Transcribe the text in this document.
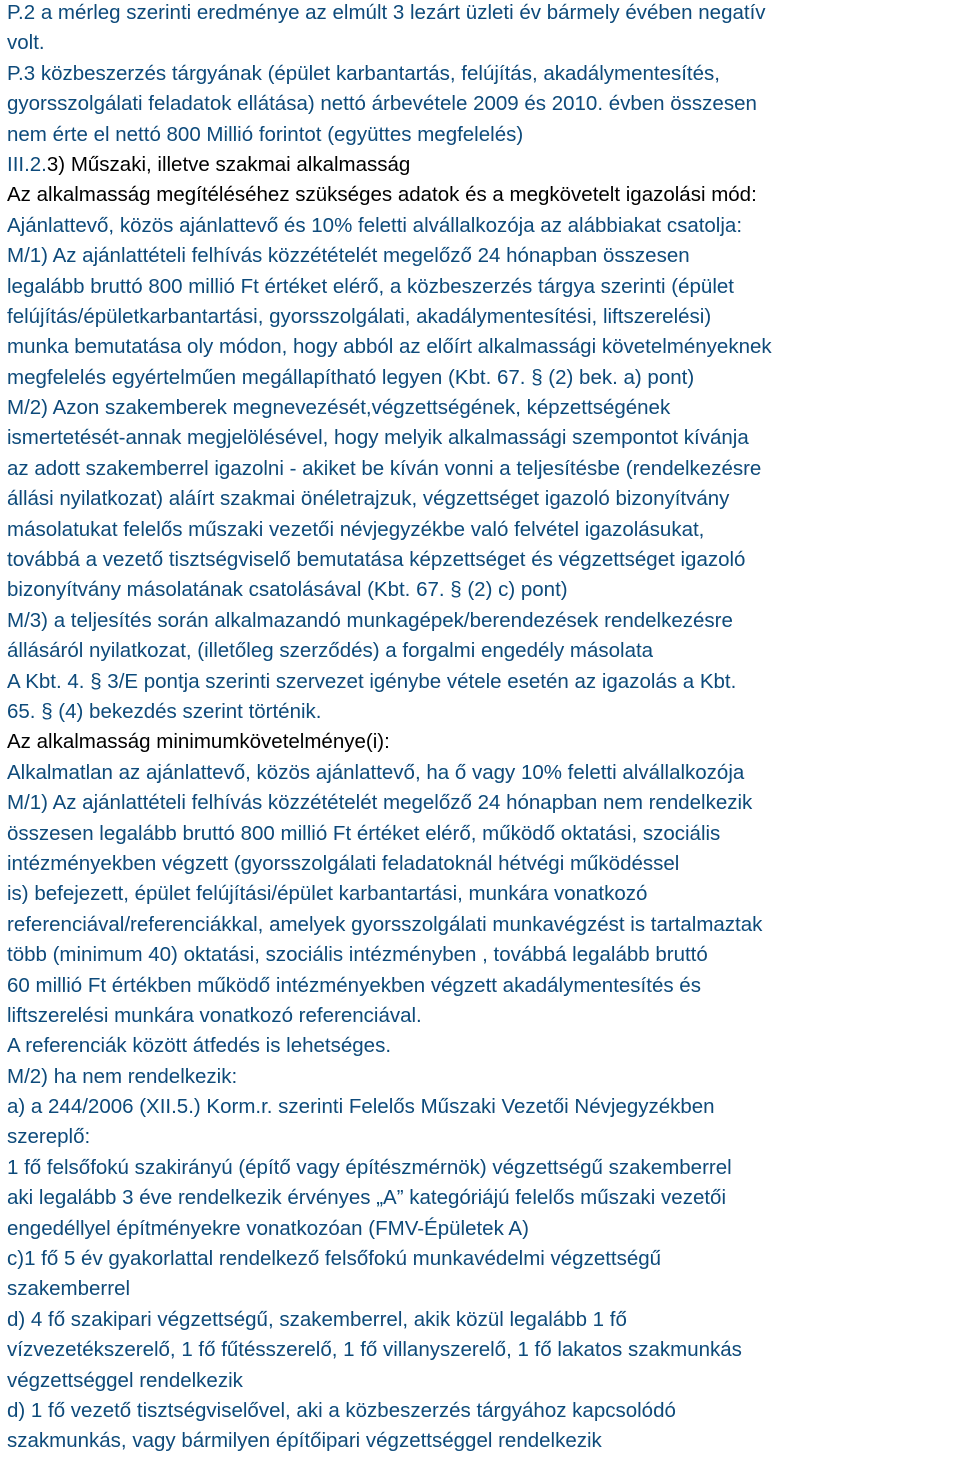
P.2 a mérleg szerinti eredménye az elmúlt 3 lezárt üzleti év bármely évében negatív
volt.
P.3 közbeszerzés tárgyának (épület karbantartás, felújítás, akadálymentesítés,
gyorsszolgálati feladatok ellátása) nettó árbevétele 2009 és 2010. évben összesen
nem érte el nettó 800 Millió forintot (együttes megfelelés)
III.2.3) Műszaki, illetve szakmai alkalmasság
Az alkalmasság megítéléséhez szükséges adatok és a megkövetelt igazolási mód:
Ajánlattevő, közös ajánlattevő és 10% feletti alvállalkozója az alábbiakat csatolja:
M/1) Az ajánlattételi felhívás közzétételét megelőző 24 hónapban összesen
legalább bruttó 800 millió Ft értéket elérő, a közbeszerzés tárgya szerinti (épület
felújítás/épületkarbantartási, gyorsszolgálati, akadálymentesítési, liftszerelési)
munka bemutatása oly módon, hogy abból az előírt alkalmassági követelményeknek
megfelelés egyértelműen megállapítható legyen (Kbt. 67. § (2) bek. a) pont)
M/2) Azon szakemberek megnevezését,végzettségének, képzettségének
ismertetését-annak megjelölésével, hogy melyik alkalmassági szempontot kívánja
az adott szakemberrel igazolni - akiket be kíván vonni a teljesítésbe (rendelkezésre
állási nyilatkozat) aláírt szakmai önéletrajzuk, végzettséget igazoló bizonyítvány
másolatukat felelős műszaki vezetői névjegyzékbe való felvétel igazolásukat,
továbbá a vezető tisztségviselő bemutatása képzettséget és végzettséget igazoló
bizonyítvány másolatának csatolásával (Kbt. 67. § (2) c) pont)
M/3) a teljesítés során alkalmazandó munkagépek/berendezések rendelkezésre
állásáról nyilatkozat, (illetőleg szerződés) a forgalmi engedély másolata
A Kbt. 4. § 3/E pontja szerinti szervezet igénybe vétele esetén az igazolás a Kbt.
65. § (4) bekezdés szerint történik.
Az alkalmasság minimumkövetelménye(i):
Alkalmatlan az ajánlattevő, közös ajánlattevő, ha ő vagy 10% feletti alvállalkozója
M/1) Az ajánlattételi felhívás közzétételét megelőző 24 hónapban nem rendelkezik
összesen legalább bruttó 800 millió Ft értéket elérő, működő oktatási, szociális
intézményekben végzett (gyorsszolgálati feladatoknál hétvégi működéssel
is) befejezett, épület felújítási/épület karbantartási, munkára vonatkozó
referenciával/referenciákkal, amelyek gyorsszolgálati munkavégzést is tartalmaztak
több (minimum 40) oktatási, szociális intézményben , továbbá legalább bruttó
60 millió Ft értékben működő intézményekben végzett akadálymentesítés és
liftszerelési munkára vonatkozó referenciával.
A referenciák között átfedés is lehetséges.
M/2) ha nem rendelkezik:
a) a 244/2006 (XII.5.) Korm.r. szerinti Felelős Műszaki Vezetői Névjegyzékben
szereplő:
1 fő felsőfokú szakirányú (építő vagy építészmérnök) végzettségű szakemberrel
aki legalább 3 éve rendelkezik érvényes „A” kategóriájú felelős műszaki vezetői
engedéllyel építményekre vonatkozóan (FMV-Épületek A)
c)1 fő 5 év gyakorlattal rendelkező felsőfokú munkavédelmi végzettségű
szakemberrel
d) 4 fő szakipari végzettségű, szakemberrel, akik közül legalább 1 fő
vízvezetékszerelő, 1 fő fűtésszerelő, 1 fő villanyszerelő, 1 fő lakatos szakmunkás
végzettséggel rendelkezik
d) 1 fő vezető tisztségviselővel, aki a közbeszerzés tárgyához kapcsolódó
szakmunkás, vagy bármilyen építőipari végzettséggel rendelkezik
